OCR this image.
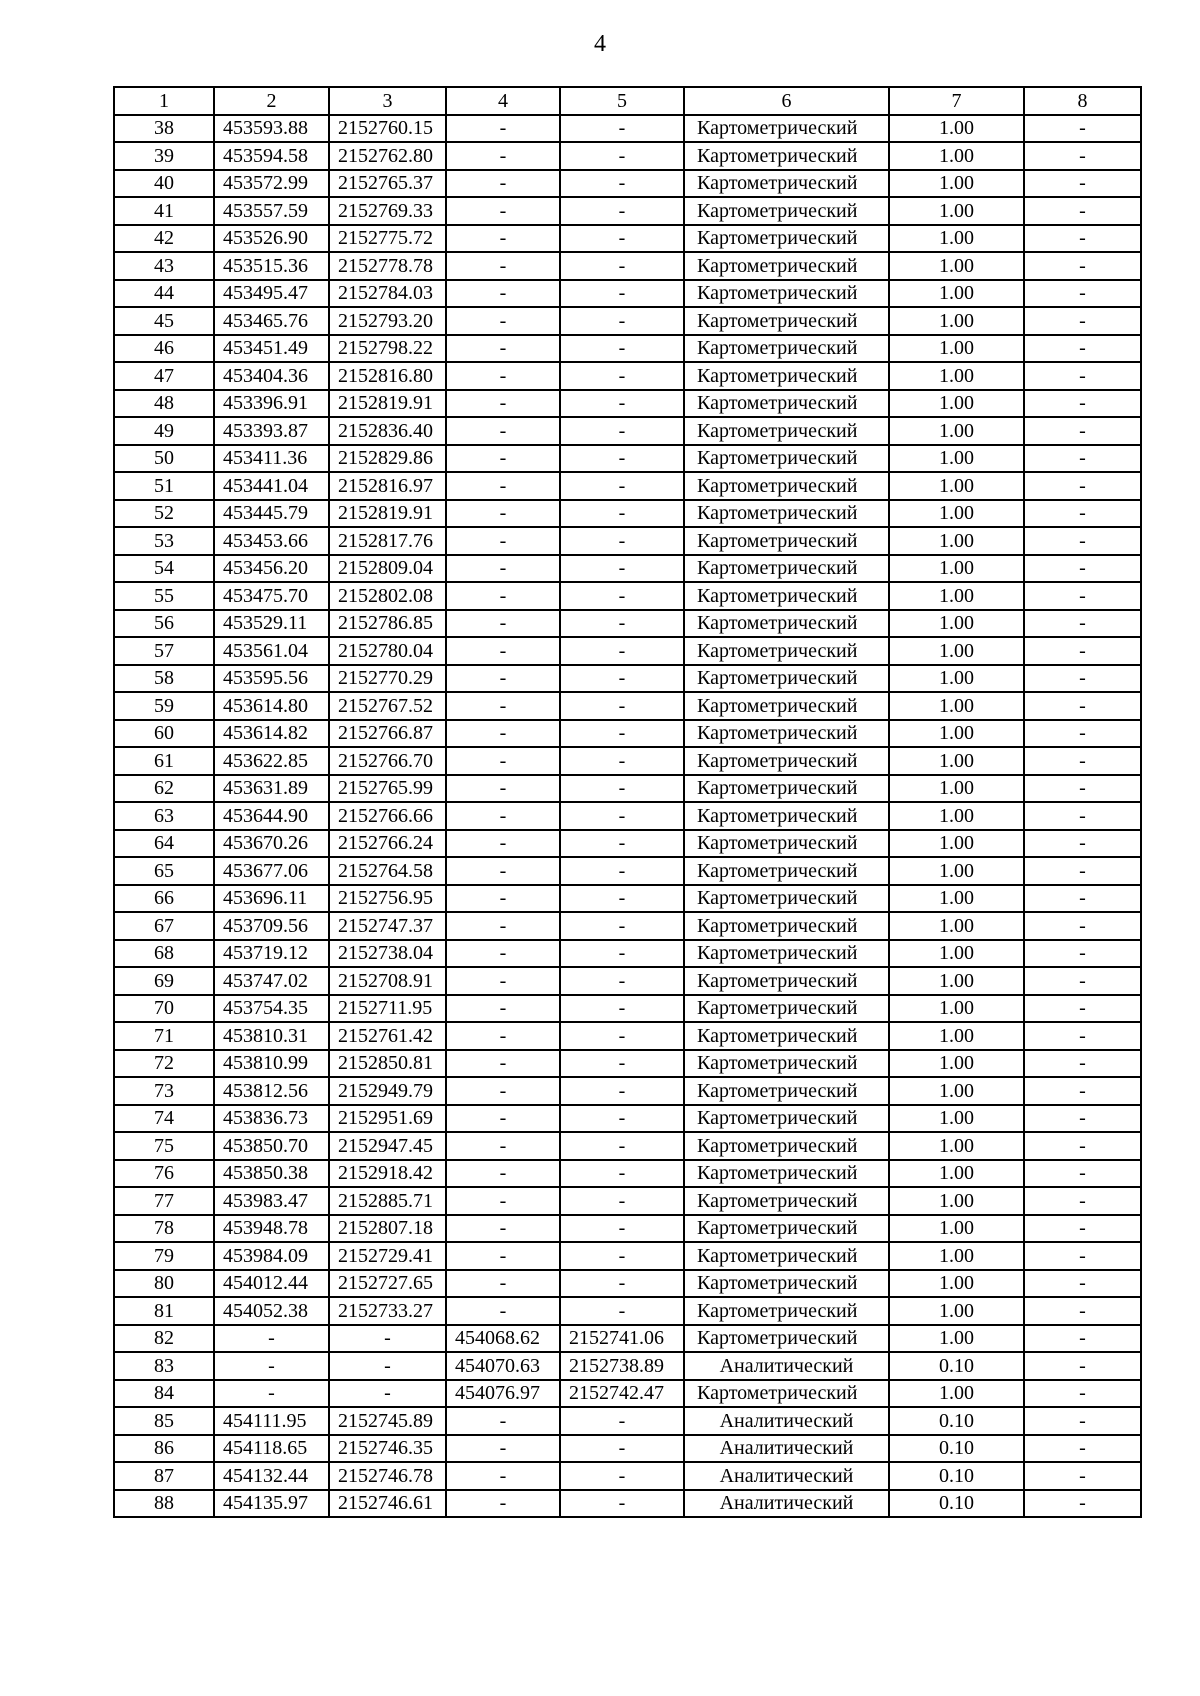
4
1	2	3	4	5	6	7	8
38	453593.88	2152760.15	-	-	Картометрический	1.00	-
39	453594.58	2152762.80	-	-	Картометрический	1.00	-
40	453572.99	2152765.37	-	-	Картометрический	1.00	-
41	453557.59	2152769.33	-	-	Картометрический	1.00	-
42	453526.90	2152775.72	-	-	Картометрический	1.00	-
43	453515.36	2152778.78	-	-	Картометрический	1.00	-
44	453495.47	2152784.03	-	-	Картометрический	1.00	-
45	453465.76	2152793.20	-	-	Картометрический	1.00	-
46	453451.49	2152798.22	-	-	Картометрический	1.00	-
47	453404.36	2152816.80	-	-	Картометрический	1.00	-
48	453396.91	2152819.91	-	-	Картометрический	1.00	-
49	453393.87	2152836.40	-	-	Картометрический	1.00	-
50	453411.36	2152829.86	-	-	Картометрический	1.00	-
51	453441.04	2152816.97	-	-	Картометрический	1.00	-
52	453445.79	2152819.91	-	-	Картометрический	1.00	-
53	453453.66	2152817.76	-	-	Картометрический	1.00	-
54	453456.20	2152809.04	-	-	Картометрический	1.00	-
55	453475.70	2152802.08	-	-	Картометрический	1.00	-
56	453529.11	2152786.85	-	-	Картометрический	1.00	-
57	453561.04	2152780.04	-	-	Картометрический	1.00	-
58	453595.56	2152770.29	-	-	Картометрический	1.00	-
59	453614.80	2152767.52	-	-	Картометрический	1.00	-
60	453614.82	2152766.87	-	-	Картометрический	1.00	-
61	453622.85	2152766.70	-	-	Картометрический	1.00	-
62	453631.89	2152765.99	-	-	Картометрический	1.00	-
63	453644.90	2152766.66	-	-	Картометрический	1.00	-
64	453670.26	2152766.24	-	-	Картометрический	1.00	-
65	453677.06	2152764.58	-	-	Картометрический	1.00	-
66	453696.11	2152756.95	-	-	Картометрический	1.00	-
67	453709.56	2152747.37	-	-	Картометрический	1.00	-
68	453719.12	2152738.04	-	-	Картометрический	1.00	-
69	453747.02	2152708.91	-	-	Картометрический	1.00	-
70	453754.35	2152711.95	-	-	Картометрический	1.00	-
71	453810.31	2152761.42	-	-	Картометрический	1.00	-
72	453810.99	2152850.81	-	-	Картометрический	1.00	-
73	453812.56	2152949.79	-	-	Картометрический	1.00	-
74	453836.73	2152951.69	-	-	Картометрический	1.00	-
75	453850.70	2152947.45	-	-	Картометрический	1.00	-
76	453850.38	2152918.42	-	-	Картометрический	1.00	-
77	453983.47	2152885.71	-	-	Картометрический	1.00	-
78	453948.78	2152807.18	-	-	Картометрический	1.00	-
79	453984.09	2152729.41	-	-	Картометрический	1.00	-
80	454012.44	2152727.65	-	-	Картометрический	1.00	-
81	454052.38	2152733.27	-	-	Картометрический	1.00	-
82	-	-	454068.62	2152741.06	Картометрический	1.00	-
83	-	-	454070.63	2152738.89	Аналитический	0.10	-
84	-	-	454076.97	2152742.47	Картометрический	1.00	-
85	454111.95	2152745.89	-	-	Аналитический	0.10	-
86	454118.65	2152746.35	-	-	Аналитический	0.10	-
87	454132.44	2152746.78	-	-	Аналитический	0.10	-
88	454135.97	2152746.61	-	-	Аналитический	0.10	-
